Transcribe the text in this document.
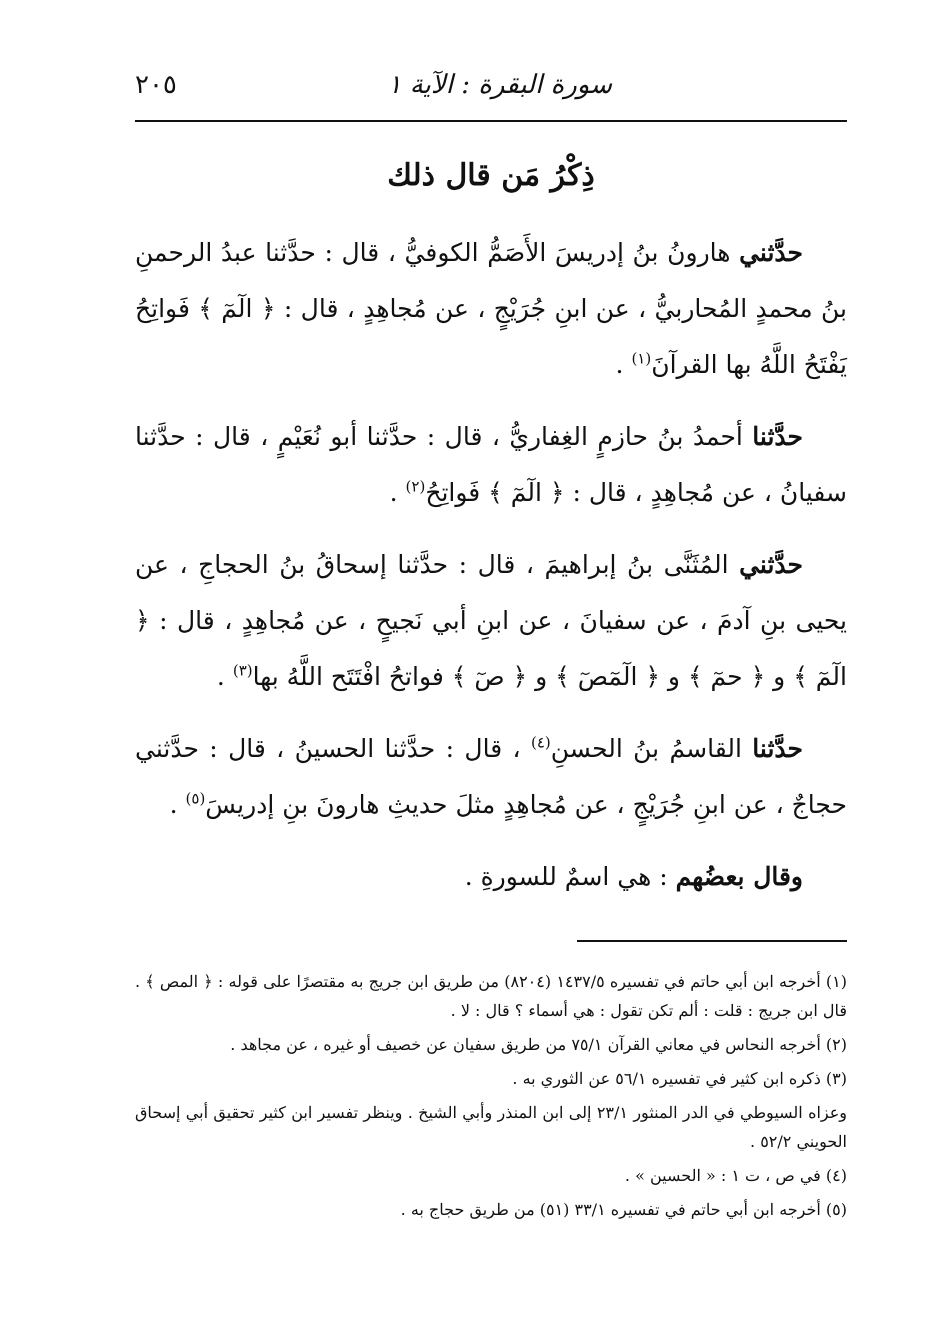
سورة البقرة : الآية ١
٢٠٥
ذِكْرُ مَن قال ذلك

حدَّثني هارونُ بنُ إدريسَ الأَصَمُّ الكوفيُّ ، قال : حدَّثنا عبدُ الرحمنِ بنُ محمدٍ المُحاربيُّ ، عن ابنِ جُرَيْجٍ ، عن مُجاهِدٍ ، قال : ﴿ الٓمٓ ﴾ فَواتِحُ يَفْتَحُ اللَّهُ بها القرآنَ$^{(١)}$ .

حدَّثنا أحمدُ بنُ حازمٍ الغِفاريُّ ، قال : حدَّثنا أبو نُعَيْمٍ ، قال : حدَّثنا سفيانُ ، عن مُجاهِدٍ ، قال : ﴿ الٓمٓ ﴾ فَواتِحُ$^{(٢)}$ .

حدَّثني المُثَنَّى بنُ إبراهيمَ ، قال : حدَّثنا إسحاقُ بنُ الحجاجِ ، عن يحيى بنِ آدمَ ، عن سفيانَ ، عن ابنِ أبي نَجيحٍ ، عن مُجاهِدٍ ، قال : ﴿ الٓمٓ ﴾ و ﴿ حمٓ ﴾ و ﴿ الٓمٓصٓ ﴾ و ﴿ صٓ ﴾ فواتحُ افْتَتَح اللَّهُ بها$^{(٣)}$ .

حدَّثنا القاسمُ بنُ الحسنِ$^{(٤)}$ ، قال : حدَّثنا الحسينُ ، قال : حدَّثني حجاجٌ ، عن ابنِ جُرَيْجٍ ، عن مُجاهِدٍ مثلَ حديثِ هارونَ بنِ إدريسَ$^{(٥)}$ .

وقال بعضُهم : هي اسمٌ للسورةِ .

(١) أخرجه ابن أبي حاتم في تفسيره ١٤٣٧/٥ (٨٢٠٤) من طريق ابن جريج به مقتصرًا على قوله : ﴿ المص ﴾ . قال ابن جريج : قلت : ألم تكن تقول : هي أسماء ؟ قال : لا .

(٢) أخرجه النحاس في معاني القرآن ٧٥/١ من طريق سفيان عن خصيف أو غيره ، عن مجاهد .

(٣) ذكره ابن كثير في تفسيره ٥٦/١ عن الثوري به .

وعزاه السيوطي في الدر المنثور ٢٣/١ إلى ابن المنذر وأبي الشيخ . وينظر تفسير ابن كثير تحقيق أبي إسحاق الحويني ٥٢/٢ .

(٤) في ص ، ت ١ : « الحسين » .

(٥) أخرجه ابن أبي حاتم في تفسيره ٣٣/١ (٥١) من طريق حجاج به .
